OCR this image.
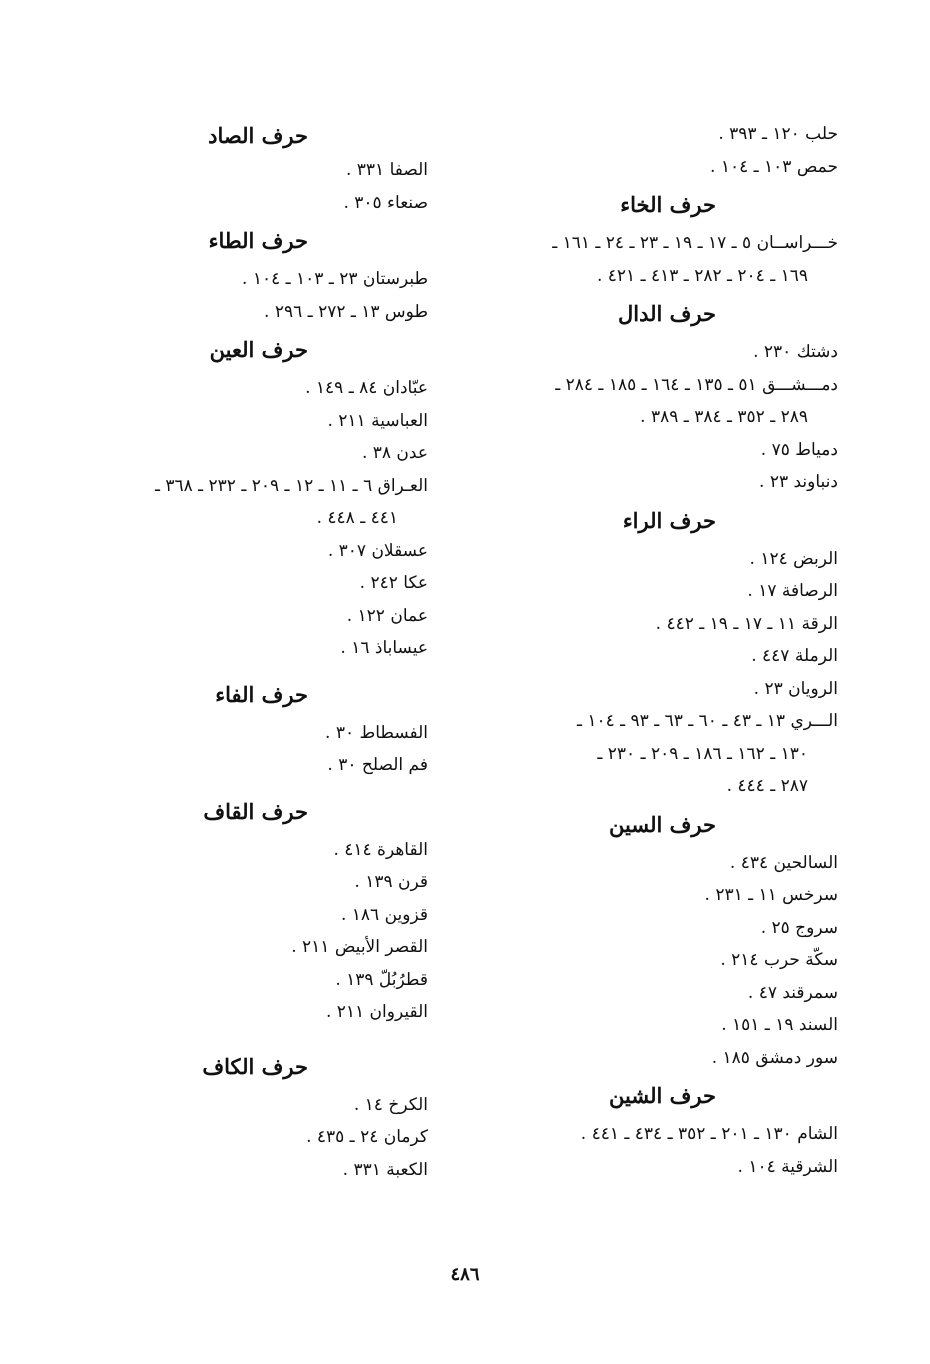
حلب ١٢٠ ـ ٣٩٣ .
حمص ١٠٣ ـ ١٠٤ .
حرف الخاء
خـــراســان ٥ ـ ١٧ ـ ١٩ ـ ٢٣ ـ ٢٤ ـ ١٦١ ـ
١٦٩ ـ ٢٠٤ ـ ٢٨٢ ـ ٤١٣ ـ ٤٢١ .
حرف الدال
دشتك ٢٣٠ .
دمـــشـــق ٥١ ـ ١٣٥ ـ ١٦٤ ـ ١٨٥ ـ ٢٨٤ ـ
٢٨٩ ـ ٣٥٢ ـ ٣٨٤ ـ ٣٨٩ .
دمياط ٧٥ .
دنباوند ٢٣ .
حرف الراء
الربض ١٢٤ .
الرصافة ١٧ .
الرقة ١١ ـ ١٧ ـ ١٩ ـ ٤٤٢ .
الرملة ٤٤٧ .
الرويان ٢٣ .
الـــري ١٣ ـ ٤٣ ـ ٦٠ ـ ٦٣ ـ ٩٣ ـ ١٠٤ ـ
١٣٠ ـ ١٦٢ ـ ١٨٦ ـ ٢٠٩ ـ ٢٣٠ ـ
٢٨٧ ـ ٤٤٤ .
حرف السين
السالحين ٤٣٤ .
سرخس ١١ ـ ٢٣١ .
سروج ٢٥ .
سكّة حرب ٢١٤ .
سمرقند ٤٧ .
السند ١٩ ـ ١٥١ .
سور دمشق ١٨٥ .
حرف الشين
الشام ١٣٠ ـ ٢٠١ ـ ٣٥٢ ـ ٤٣٤ ـ ٤٤١ .
الشرقية ١٠٤ .
حرف الصاد
الصفا ٣٣١ .
صنعاء ٣٠٥ .
حرف الطاء
طبرستان ٢٣ ـ ١٠٣ ـ ١٠٤ .
طوس ١٣ ـ ٢٧٢ ـ ٢٩٦ .
حرف العين
عبّادان ٨٤ ـ ١٤٩ .
العباسية ٢١١ .
عدن ٣٨ .
العـراق ٦ ـ ١١ ـ ١٢ ـ ٢٠٩ ـ ٢٣٢ ـ ٣٦٨ ـ
٤٤١ ـ ٤٤٨ .
عسقلان ٣٠٧ .
عكا ٢٤٢ .
عمان ١٢٢ .
عيساباذ ١٦ .
حرف الفاء
الفسطاط ٣٠ .
فم الصلح ٣٠ .
حرف القاف
القاهرة ٤١٤ .
قرن ١٣٩ .
قزوين ١٨٦ .
القصر الأبيض ٢١١ .
قطرُبُلّ ١٣٩ .
القيروان ٢١١ .
حرف الكاف
الكرخ ١٤ .
كرمان ٢٤ ـ ٤٣٥ .
الكعبة ٣٣١ .
٤٨٦
